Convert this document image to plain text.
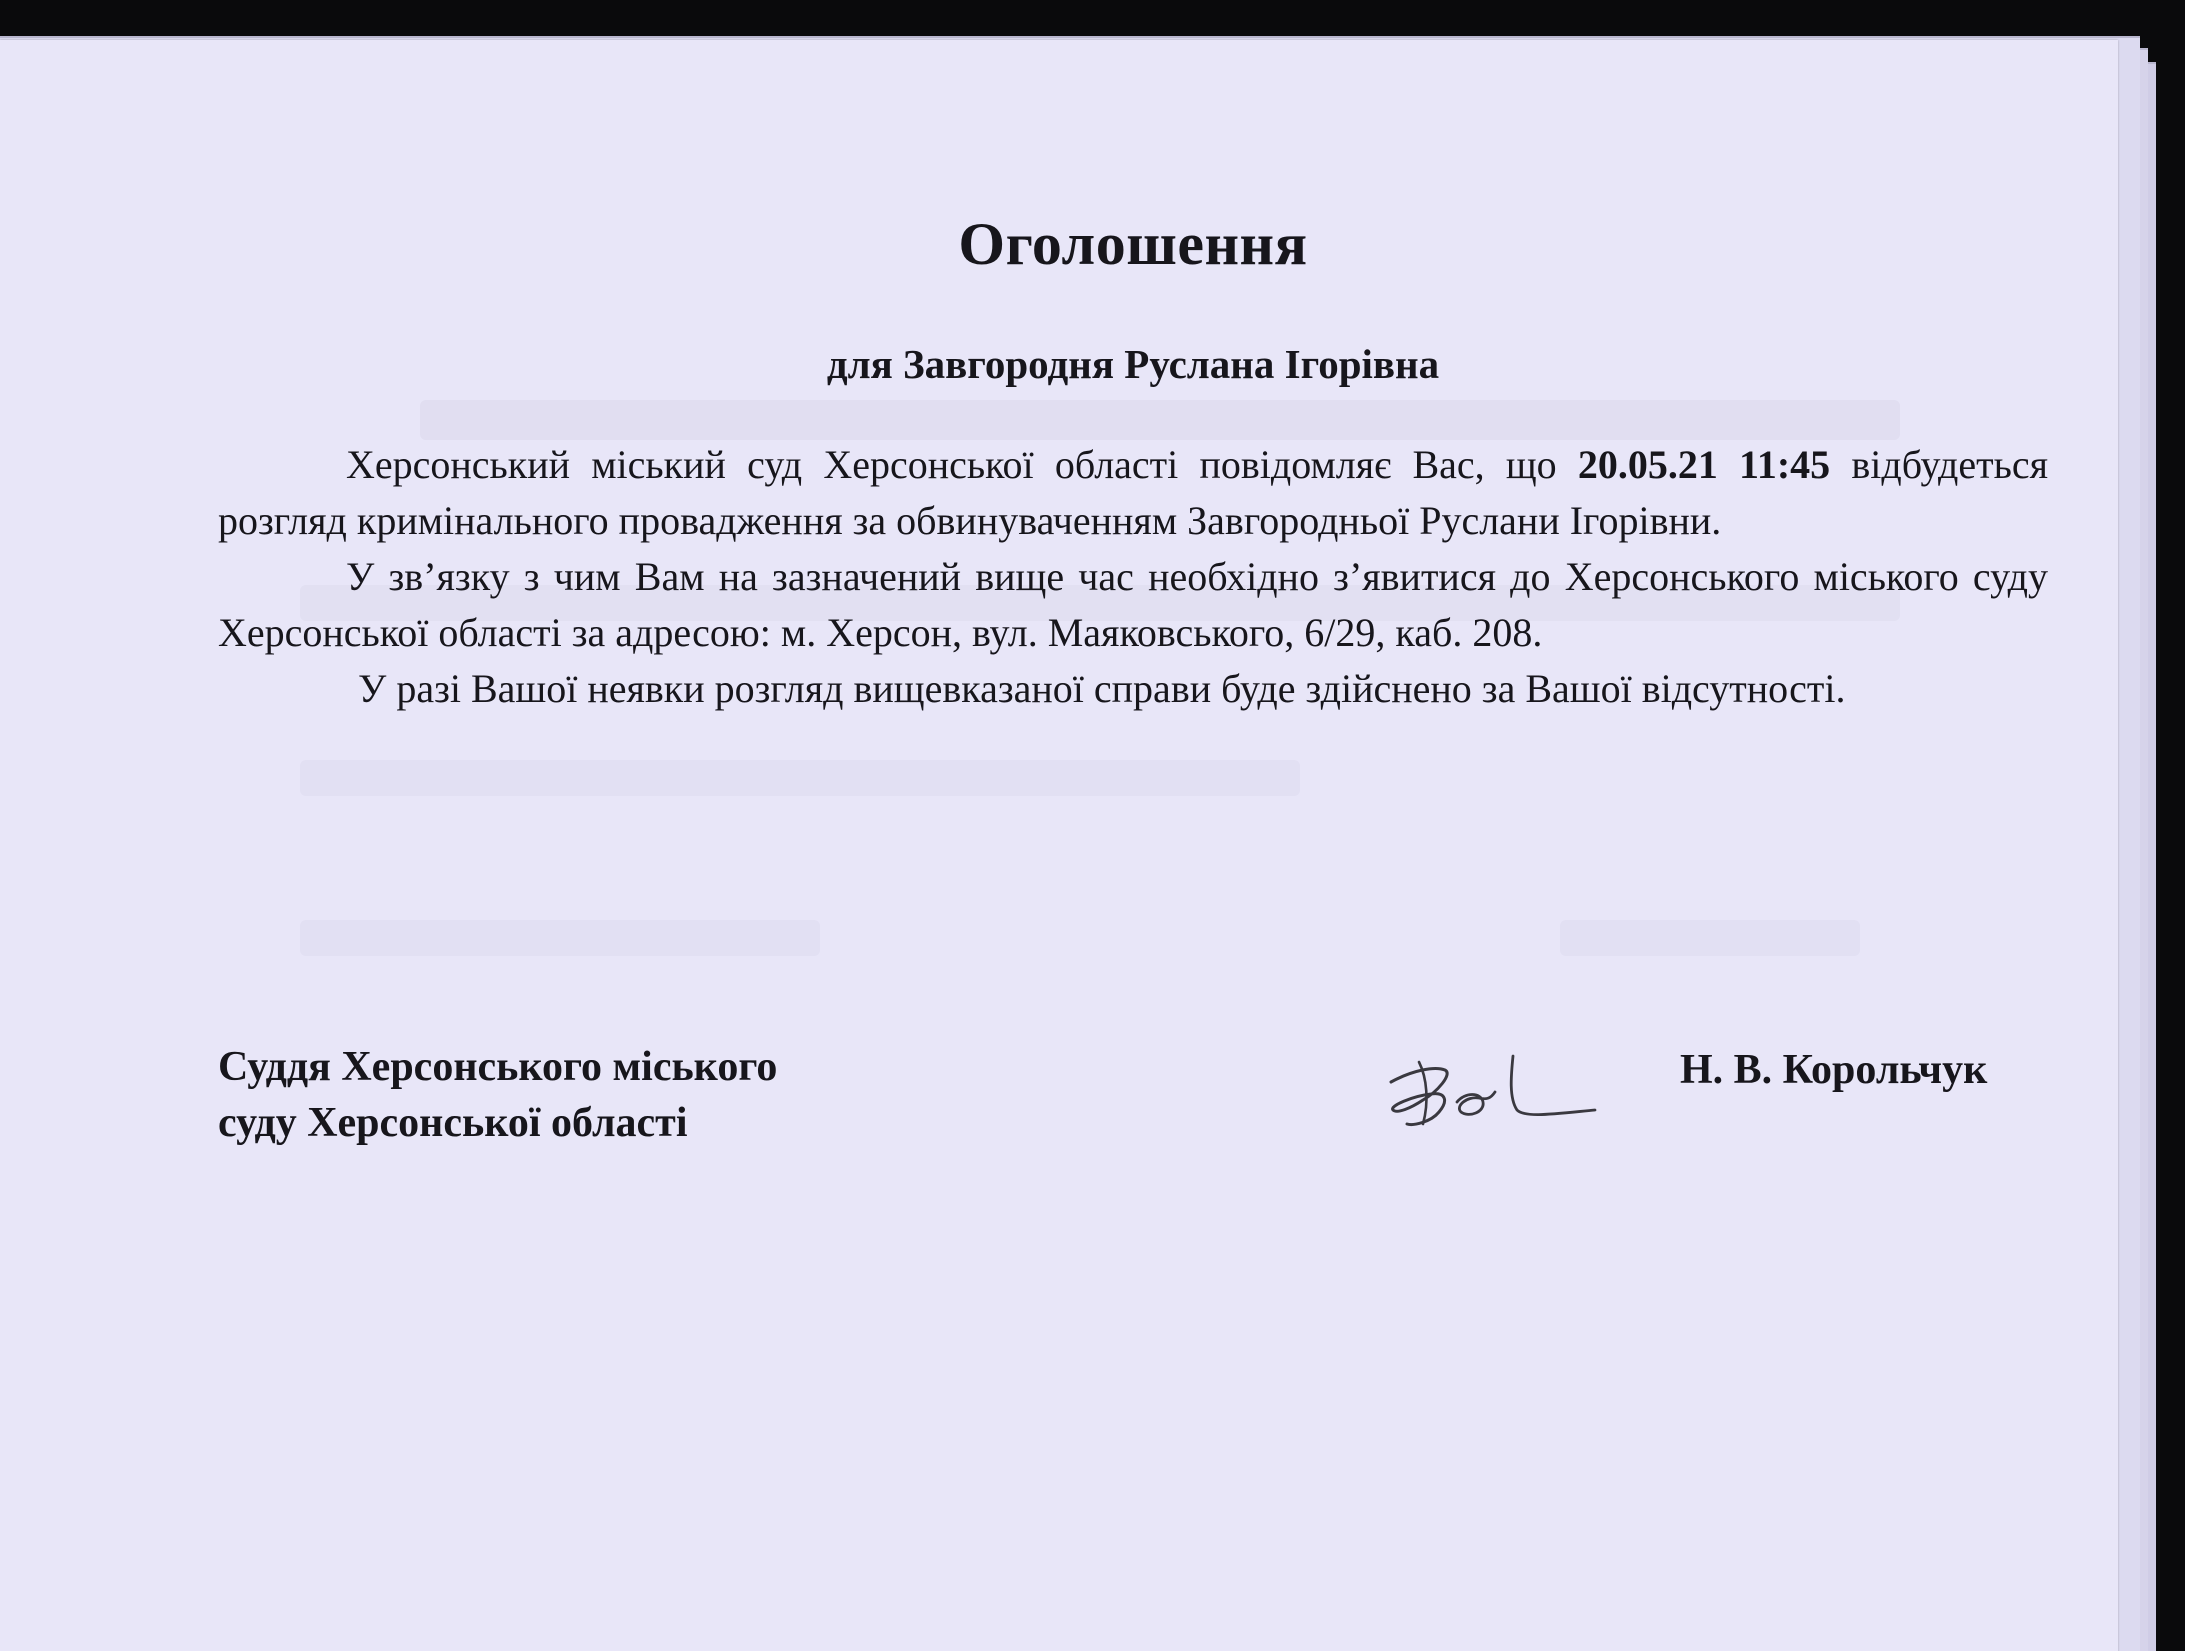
Оголошення
для Завгородня Руслана Ігорівна

Херсонський міський суд Херсонської області повідомляє Вас, що 20.05.21 11:45 відбудеться розгляд кримінального провадження за обвинуваченням Завгородньої Руслани Ігорівни.

У зв’язку з чим Вам на зазначений вище час необхідно з’явитися до Херсонського міського суду Херсонської області за адресою: м. Херсон, вул. Маяковського, 6/29, каб. 208.

У разі Вашої неявки розгляд вищевказаної справи буде здійснено за Вашої відсутності.

Суддя Херсонського міського
суду Херсонської області
Н. В. Корольчук
